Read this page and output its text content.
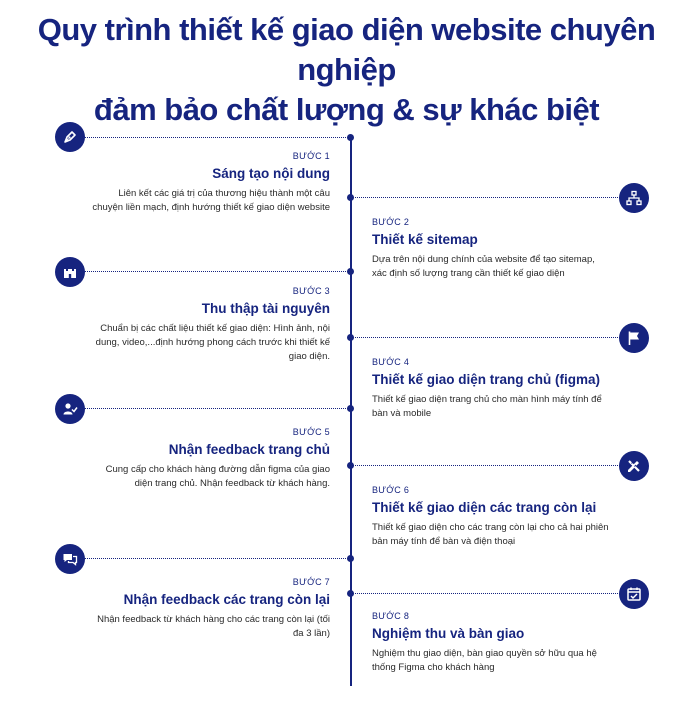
Quy trình thiết kế giao diện website chuyên nghiệp
đảm bảo chất lượng & sự khác biệt
BƯỚC 1
Sáng tạo nội dung
Liên kết các giá trị của thương hiệu thành một câu chuyện liền mạch, định hướng thiết kế giao diện website
BƯỚC 2
Thiết kế sitemap
Dựa trên nội dung chính của website để tạo sitemap, xác định số lượng trang cần thiết kế giao diện
BƯỚC 3
Thu thập tài nguyên
Chuẩn bị các chất liệu thiết kế giao diện: Hình ảnh, nội dung, video,...định hướng phong cách trước khi thiết kế giao diện.	BƯỚC 4
Thiết kế giao diện trang chủ (figma)
Thiết kế giao diện trang chủ cho màn hình máy tính để bàn và mobile
BƯỚC 5
Nhận feedback trang chủ
Cung cấp cho khách hàng đường dẫn figma của giao diện trang chủ. Nhận feedback từ khách hàng.
BƯỚC 6
Thiết kế giao diện các trang còn lại
Thiết kế giao diện cho các trang còn lại cho cả hai phiên bản máy tính để bàn và điện thoại
BƯỚC 7
Nhận feedback các trang còn lại
Nhận feedback từ khách hàng cho các trang còn lại (tối đa 3 lần)
BƯỚC 8
Nghiệm thu và bàn giao
Nghiệm thu giao diện, bàn giao quyền sở hữu qua hệ thống Figma cho khách hàng
